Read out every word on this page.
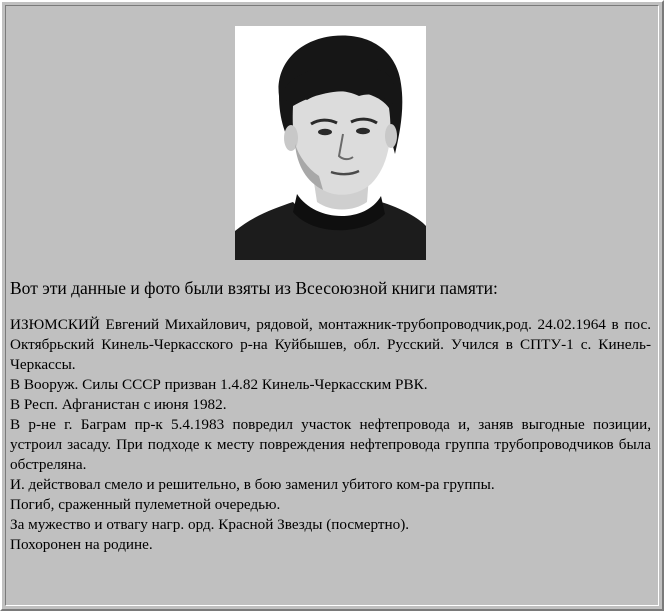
Вот эти данные и фото были взяты из Всесоюзной книги памяти:

ИЗЮМСКИЙ Евгений Михайлович, рядовой, монтажник-трубопроводчик,род. 24.02.1964 в пос. Октябрьский Кинель-Черкасского р-на Куйбышев, обл. Русский. Учился в СПТУ-1 с. Кинель-Черкассы.

В Вооруж. Силы СССР призван 1.4.82 Кинель-Черкасским РВК.

В Респ. Афганистан с июня 1982.

В р-не г. Баграм пр-к 5.4.1983 повредил участок нефтепровода и, заняв выгодные позиции, устроил засаду. При подходе к месту повреждения нефтепровода группа трубопроводчиков была обстреляна.

И. действовал смело и решительно, в бою заменил убитого ком-ра группы.

Погиб, сраженный пулеметной очередью.

За мужество и отвагу нагр. орд. Красной Звезды (посмертно).

Похоронен на родине.
